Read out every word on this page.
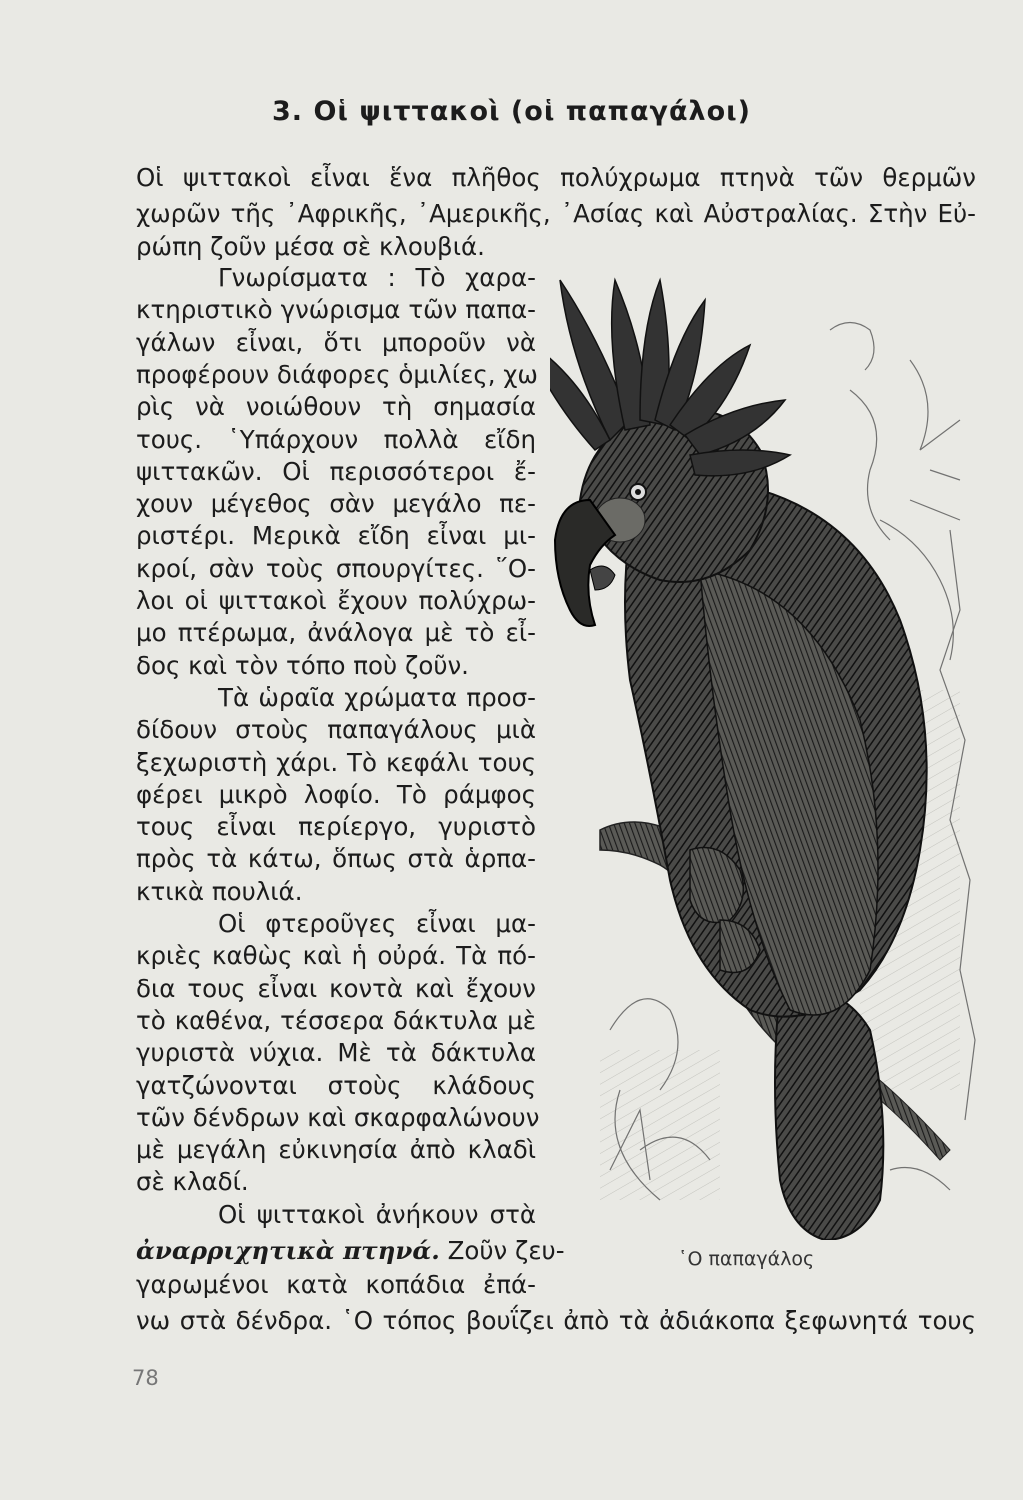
3. Οἱ ψιττακοὶ (οἱ παπαγάλοι)
Οἱ ψιττακοὶ εἶναι ἕνα πλῆθος πολύχρωμα πτηνὰ τῶν θερμῶν
χωρῶν τῆς ᾿Αφρικῆς, ᾿Αμερικῆς, ᾿Ασίας καὶ Αὐστραλίας. Στὴν Εὐ-
ρώπη ζοῦν μέσα σὲ κλουβιά.
Γνωρίσματα : Τὸ χαρα-
κτηριστικὸ γνώρισμα τῶν παπα-
γάλων εἶναι, ὅτι μποροῦν νὰ
προφέρουν διάφορες ὁμιλίες, χω
ρὶς νὰ νοιώθουν τὴ σημασία
τους. ῾Υπάρχουν πολλὰ εἴδη
ψιττακῶν. Οἱ περισσότεροι ἔ-
χουν μέγεθος σὰν μεγάλο πε-
ριστέρι. Μερικὰ εἴδη εἶναι μι-
κροί, σὰν τοὺς σπουργίτες. ῞Ο-
λοι οἱ ψιττακοὶ ἔχουν πολύχρω-
μο πτέρωμα, ἀνάλογα μὲ τὸ εἶ-
δος καὶ τὸν τόπο ποὺ ζοῦν.
Τὰ ὡραῖα χρώματα προσ-
δίδουν στοὺς παπαγάλους μιὰ
ξεχωριστὴ χάρι. Τὸ κεφάλι τους
φέρει μικρὸ λοφίο. Τὸ ράμφος
τους εἶναι περίεργο, γυριστὸ
πρὸς τὰ κάτω, ὅπως στὰ ἁρπα-
κτικὰ πουλιά.
Οἱ φτεροῦγες εἶναι μα-
κριὲς καθὼς καὶ ἡ οὐρά. Τὰ πό-
δια τους εἶναι κοντὰ καὶ ἔχουν
τὸ καθένα, τέσσερα δάκτυλα μὲ
γυριστὰ νύχια. Μὲ τὰ δάκτυλα
γατζώνονται στοὺς κλάδους
τῶν δένδρων καὶ σκαρφαλώνουν
μὲ μεγάλη εὐκινησία ἀπὸ κλαδὶ
σὲ κλαδί.
Οἱ ψιττακοὶ ἀνήκουν στὰ
ἀναρριχητικὰ πτηνά. Ζοῦν ζευ-
γαρωμένοι κατὰ κοπάδια ἐπά-
νω στὰ δένδρα. ῾Ο τόπος βουΐζει ἀπὸ τὰ ἀδιάκοπα ξεφωνητά τους
῾Ο παπαγάλος
78
